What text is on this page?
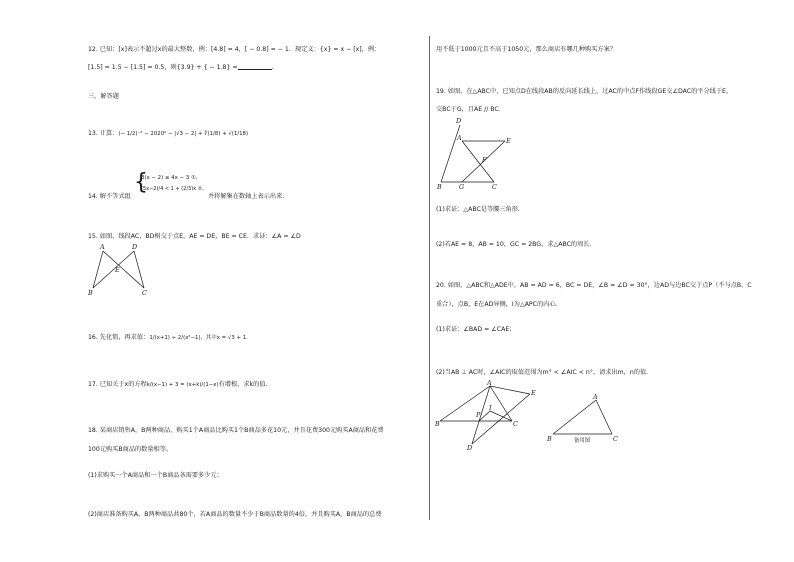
12. 已知：[x]表示不超过x的最大整数，例：[4.8] = 4，[ − 0.8] = − 1．现定义：{x} = x − [x]，例：
[1.5] = 1.5 − [1.5] = 0.5，则{3.9} + { − 1.8} =	．
三、解答题
13. 计算：(− 1/2)⁻² − 2020⁰ − |√3 − 2| + ∛(1/8) + √(1/18)
14. 解不等式组
{
3(x − 2) ≤ 4x − 3 ①,
(5x−2)/4 < 1 + (2/3)x ②,
并将解集在数轴上表示出来.
15. 如图，线段AC，BD相交于点E，AE = DE，BE = CE．求证：∠A = ∠D
A	D
E
B	C
16. 先化简，再求值：1/(x+1) ÷ 2/(x²−1)，其中x = √3 + 1．
17. 已知关于x的方程k/(x−1) + 3 = (x+k)/(1−x)有增根，求k的值．
18. 某商店销售A，B两种商品，购买1个A商品比购买1个B商品多花10元，并且花费300元购买A商品和花费
100元购买B商品的数量相等。
(1)求购买一个A商品和一个B商品各需要多少元；
(2)商店准备购买A，B两种商品共80个，若A商品的数量不少于B商品数量的4倍，并且购买A，B商品的总费
用不低于1000元且不高于1050元，那么商店有哪几种购买方案？
19. 如图，在△ABC中，已知点D在线段AB的反向延长线上，过AC的中点F作线段GE交∠DAC的平分线于E，
交BC于G，且AE // BC．
D
A	E
F
B	G	C
(1)求证：△ABC是等腰三角形．
(2)若AE = 8，AB = 10，GC = 2BG，求△ABC的周长．
20. 如图，△ABC和△ADE中，AB = AD = 6，BC = DE，∠B = ∠D = 30°，边AD与边BC交于点P（不与点B，C
重合），点B，E在AD异侧，I为△APC的内心．
(1)求证：∠BAD = ∠CAE；
(2)当AB ⊥ AC时，∠AIC的取值范围为m° < ∠AIC < n°，请求出m，n的值．
A
E
P
I
B	C
D
A
B	C
备用图
